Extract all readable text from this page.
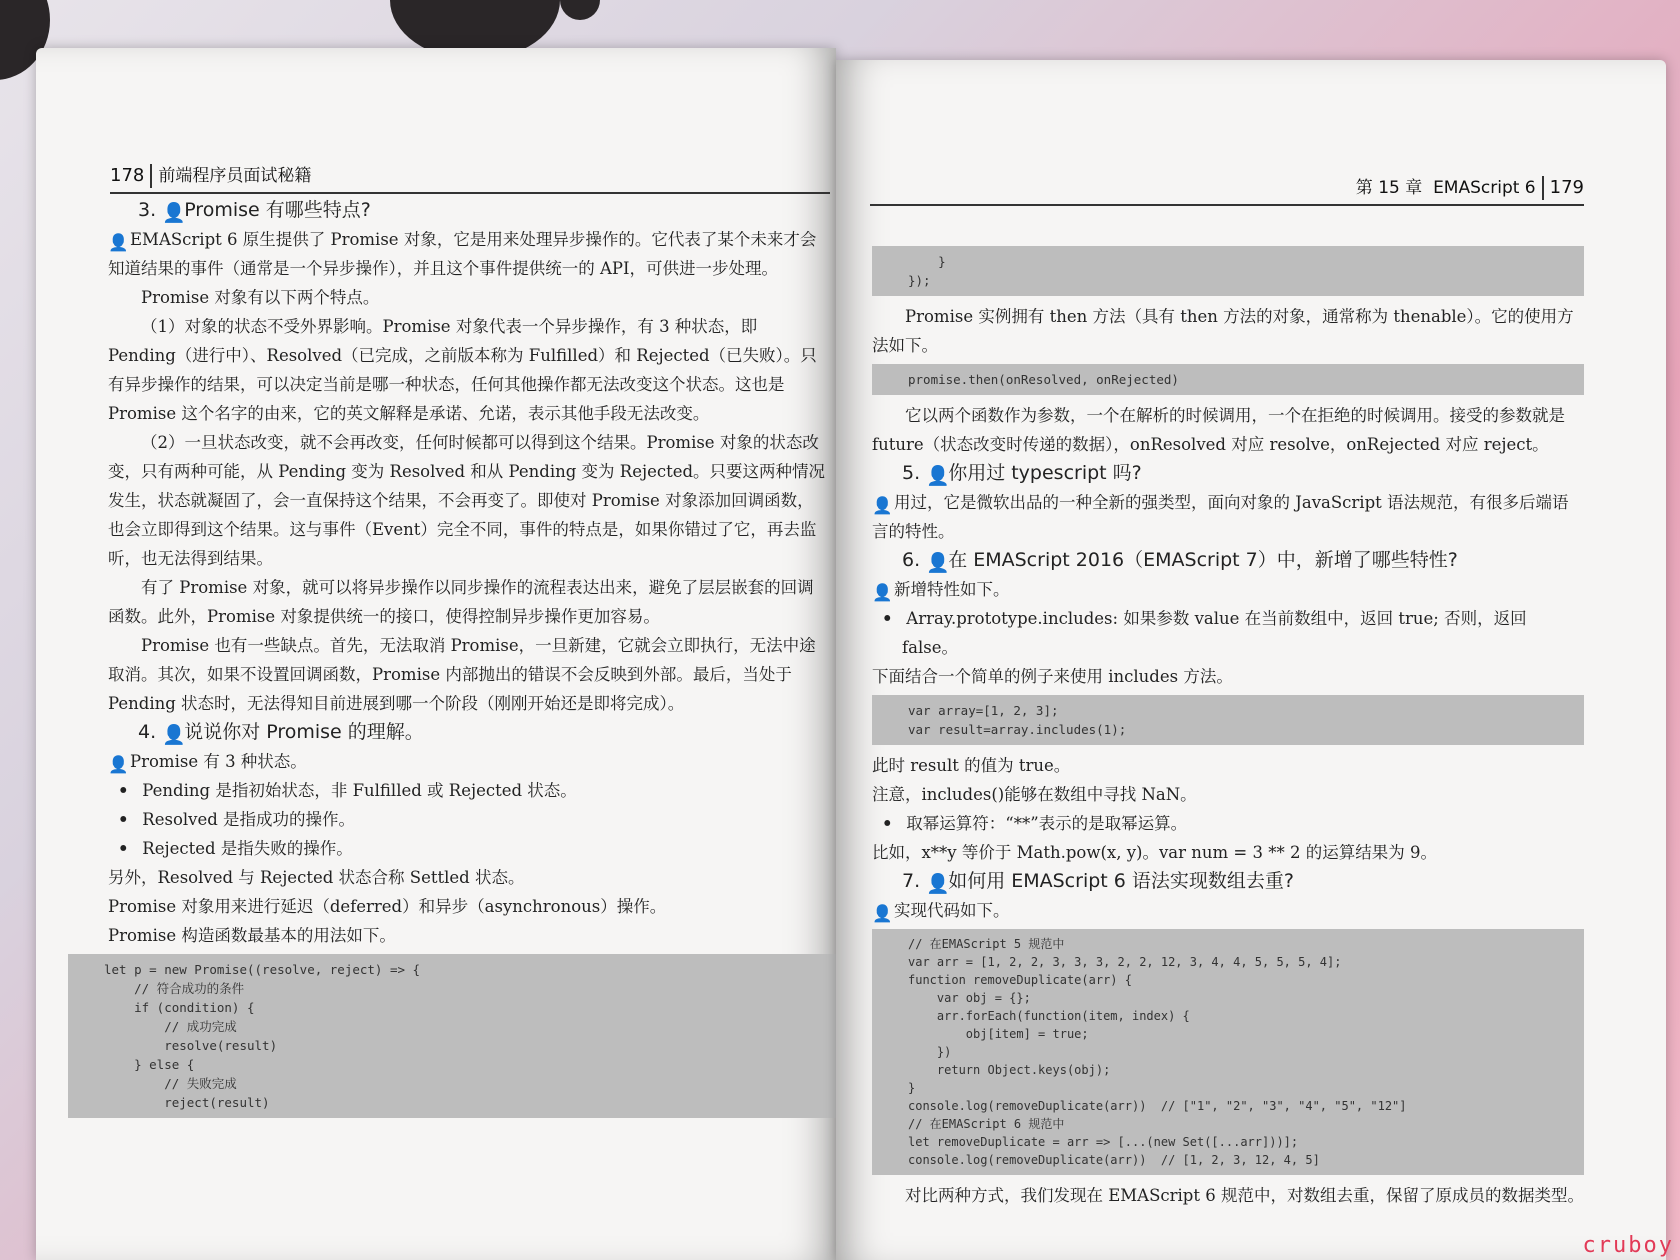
178 前端程序员面试秘籍

3. 👤Promise 有哪些特点?

👤EMAScript 6 原生提供了 Promise 对象，它是用来处理异步操作的。它代表了某个未来才会知道结果的事件（通常是一个异步操作），并且这个事件提供统一的 API，可供进一步处理。

Promise 对象有以下两个特点。

（1）对象的状态不受外界影响。Promise 对象代表一个异步操作，有 3 种状态，即 Pending（进行中）、Resolved（已完成，之前版本称为 Fulfilled）和 Rejected（已失败）。只有异步操作的结果，可以决定当前是哪一种状态，任何其他操作都无法改变这个状态。这也是 Promise 这个名字的由来，它的英文解释是承诺、允诺，表示其他手段无法改变。

（2）一旦状态改变，就不会再改变，任何时候都可以得到这个结果。Promise 对象的状态改变，只有两种可能，从 Pending 变为 Resolved 和从 Pending 变为 Rejected。只要这两种情况发生，状态就凝固了，会一直保持这个结果，不会再变了。即使对 Promise 对象添加回调函数，也会立即得到这个结果。这与事件（Event）完全不同，事件的特点是，如果你错过了它，再去监听，也无法得到结果。

有了 Promise 对象，就可以将异步操作以同步操作的流程表达出来，避免了层层嵌套的回调函数。此外，Promise 对象提供统一的接口，使得控制异步操作更加容易。

Promise 也有一些缺点。首先，无法取消 Promise，一旦新建，它就会立即执行，无法中途取消。其次，如果不设置回调函数，Promise 内部抛出的错误不会反映到外部。最后，当处于 Pending 状态时，无法得知目前进展到哪一个阶段（刚刚开始还是即将完成）。

4. 👤说说你对 Promise 的理解。

👤Promise 有 3 种状态。

• Pending 是指初始状态，非 Fulfilled 或 Rejected 状态。

• Resolved 是指成功的操作。

• Rejected 是指失败的操作。

另外，Resolved 与 Rejected 状态合称 Settled 状态。

Promise 对象用来进行延迟（deferred）和异步（asynchronous）操作。

Promise 构造函数最基本的用法如下。

let p = new Promise((resolve, reject) => {
// 符合成功的条件
if (condition) {
// 成功完成
resolve(result)
} else {
// 失败完成
reject(result)
第 15 章 EMAScript 6 179
}
});

Promise 实例拥有 then 方法（具有 then 方法的对象，通常称为 thenable）。它的使用方法如下。

promise.then(onResolved, onRejected)

它以两个函数作为参数，一个在解析的时候调用，一个在拒绝的时候调用。接受的参数就是 future（状态改变时传递的数据），onResolved 对应 resolve，onRejected 对应 reject。

5. 👤你用过 typescript 吗?

👤用过，它是微软出品的一种全新的强类型，面向对象的 JavaScript 语法规范，有很多后端语言的特性。

6. 👤在 EMAScript 2016（EMAScript 7）中，新增了哪些特性?

👤新增特性如下。

• Array.prototype.includes: 如果参数 value 在当前数组中，返回 true; 否则，返回 false。

下面结合一个简单的例子来使用 includes 方法。

var array=[1, 2, 3];
var result=array.includes(1);

此时 result 的值为 true。

注意，includes()能够在数组中寻找 NaN。

• 取幂运算符：“**”表示的是取幂运算。

比如，x**y 等价于 Math.pow(x, y)。var num = 3 ** 2 的运算结果为 9。

7. 👤如何用 EMAScript 6 语法实现数组去重?

👤实现代码如下。

// 在EMAScript 5 规范中
var arr = [1, 2, 2, 3, 3, 3, 2, 2, 12, 3, 4, 4, 5, 5, 5, 4];
function removeDuplicate(arr) {
var obj = {};
arr.forEach(function(item, index) {
obj[item] = true;
})
return Object.keys(obj);
}
console.log(removeDuplicate(arr))  // ["1", "2", "3", "4", "5", "12"]
// 在EMAScript 6 规范中
let removeDuplicate = arr => [...(new Set([...arr]))];
console.log(removeDuplicate(arr))  // [1, 2, 3, 12, 4, 5]

对比两种方式，我们发现在 EMAScript 6 规范中，对数组去重，保留了原成员的数据类型。

cruboy
